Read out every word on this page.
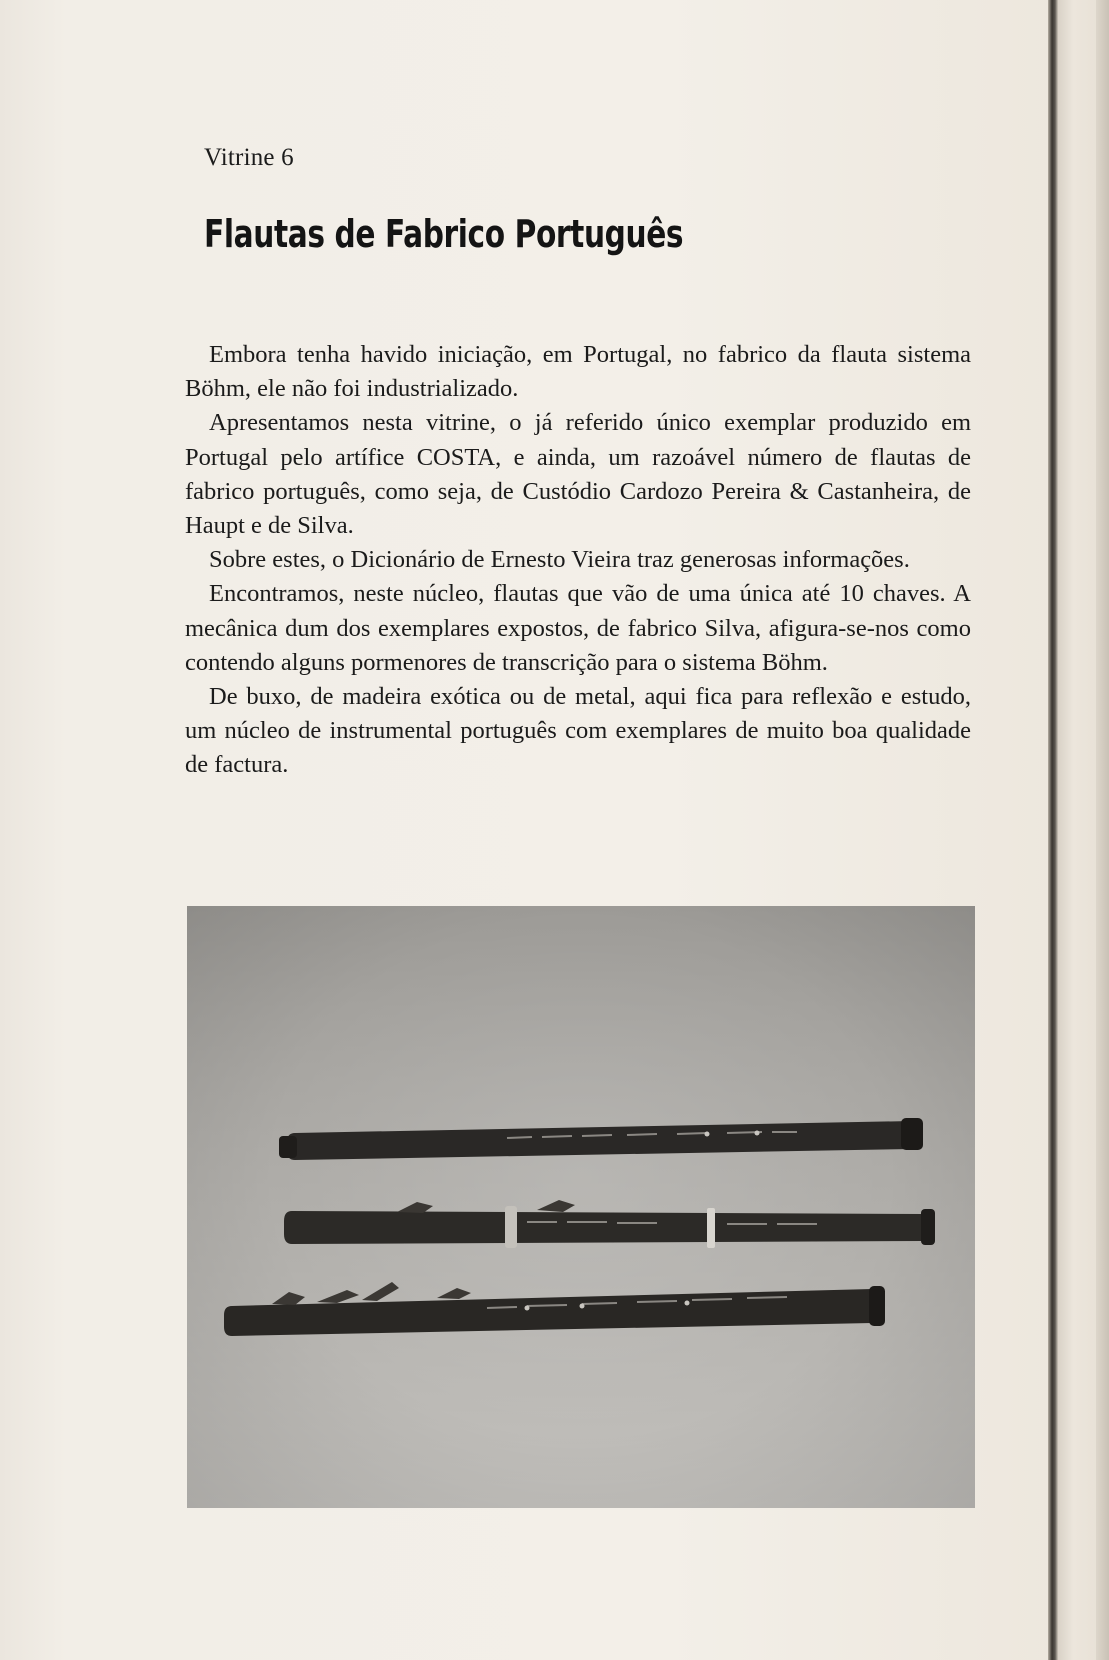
Vitrine 6
Flautas de Fabrico Português

Embora tenha havido iniciação, em Portugal, no fabrico da flauta sistema Böhm, ele não foi industrializado.

Apresentamos nesta vitrine, o já referido único exemplar produzido em Portugal pelo artífice COSTA, e ainda, um razoável número de flautas de fabrico português, como seja, de Custódio Cardozo Pereira & Castanheira, de Haupt e de Silva.

Sobre estes, o Dicionário de Ernesto Vieira traz generosas informações.

Encontramos, neste núcleo, flautas que vão de uma única até 10 chaves. A mecânica dum dos exemplares expostos, de fabrico Silva, afigura-se-nos como contendo alguns pormenores de transcrição para o sistema Böhm.

De buxo, de madeira exótica ou de metal, aqui fica para reflexão e estudo, um núcleo de instrumental português com exemplares de muito boa qualidade de factura.
